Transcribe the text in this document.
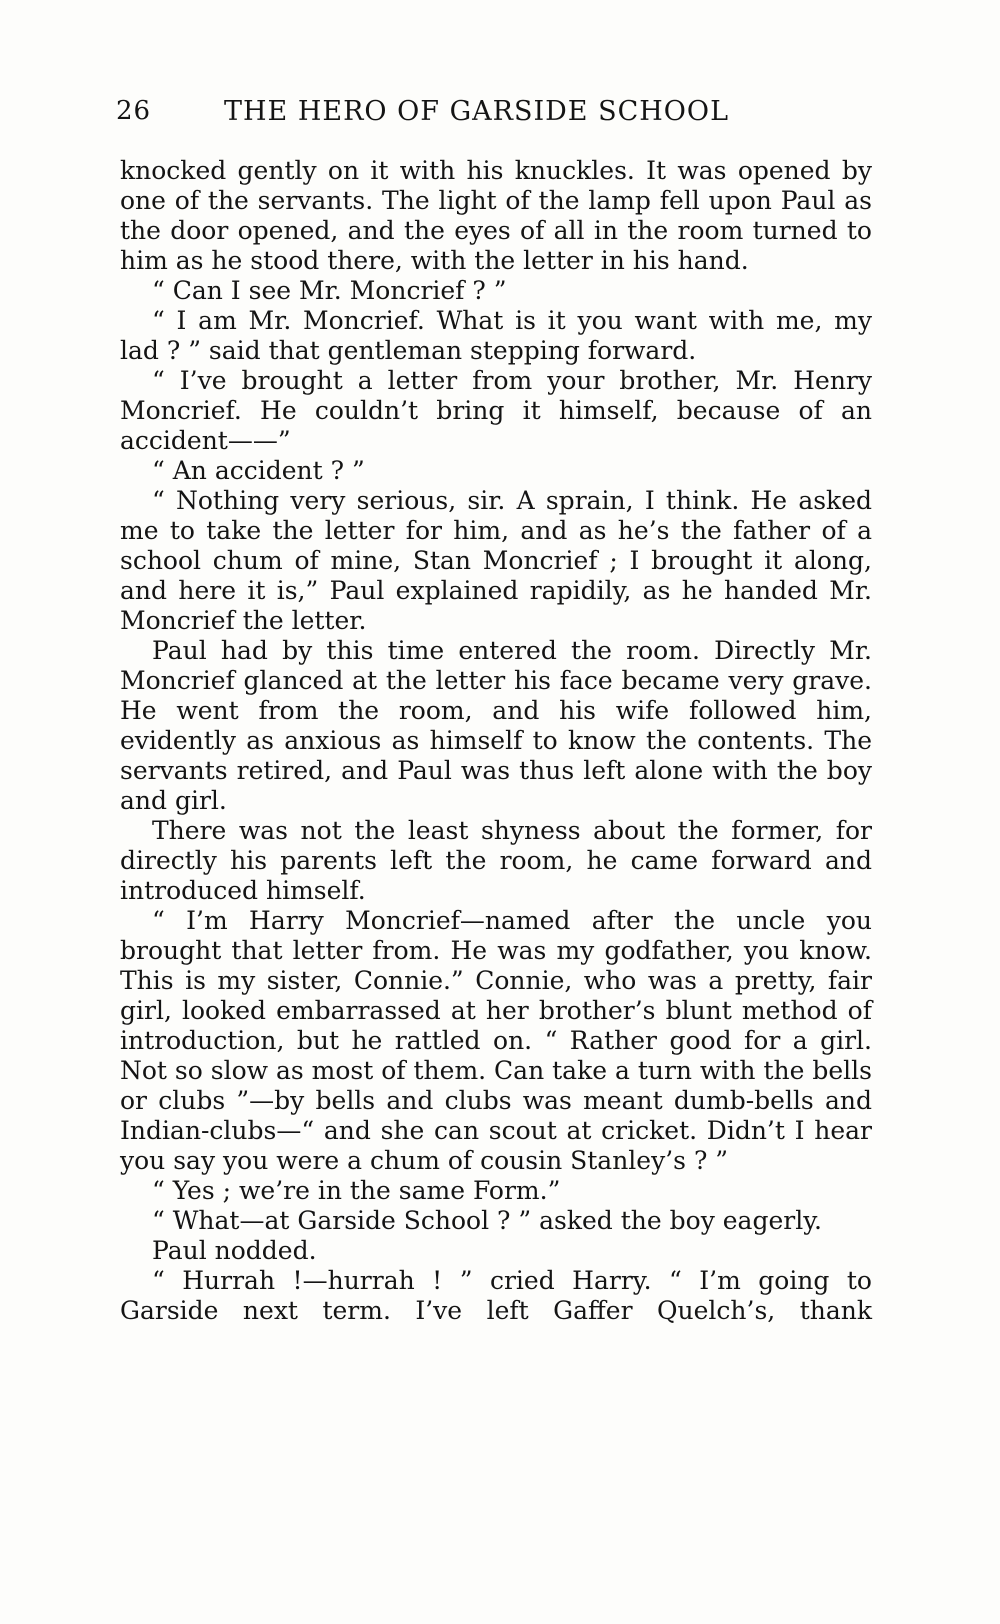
26	THE HERO OF GARSIDE SCHOOL

knocked gently on it with his knuckles. It was opened by one of the servants. The light of the lamp fell upon Paul as the door opened, and the eyes of all in the room turned to him as he stood there, with the letter in his hand.

“ Can I see Mr. Moncrief ? ”

“ I am Mr. Moncrief. What is it you want with me, my lad ? ” said that gentleman stepping forward.

“ I’ve brought a letter from your brother, Mr. Henry Moncrief. He couldn’t bring it himself, because of an accident——”

“ An accident ? ”

“ Nothing very serious, sir. A sprain, I think. He asked me to take the letter for him, and as he’s the father of a school chum of mine, Stan Moncrief ; I brought it along, and here it is,” Paul explained rapidily, as he handed Mr. Moncrief the letter.

Paul had by this time entered the room. Directly Mr. Moncrief glanced at the letter his face became very grave. He went from the room, and his wife followed him, evidently as anxious as himself to know the contents. The servants retired, and Paul was thus left alone with the boy and girl.

There was not the least shyness about the former, for directly his parents left the room, he came forward and introduced himself.

“ I’m Harry Moncrief—named after the uncle you brought that letter from. He was my godfather, you know. This is my sister, Connie.” Connie, who was a pretty, fair girl, looked embarrassed at her brother’s blunt method of introduction, but he rattled on. “ Rather good for a girl. Not so slow as most of them. Can take a turn with the bells or clubs ”—by bells and clubs was meant dumb-bells and Indian-clubs—“ and she can scout at cricket. Didn’t I hear you say you were a chum of cousin Stanley’s ? ”

“ Yes ; we’re in the same Form.”

“ What—at Garside School ? ” asked the boy eagerly.

Paul nodded.

“ Hurrah !—hurrah ! ” cried Harry. “ I’m going to Garside next term. I’ve left Gaffer Quelch’s, thank
